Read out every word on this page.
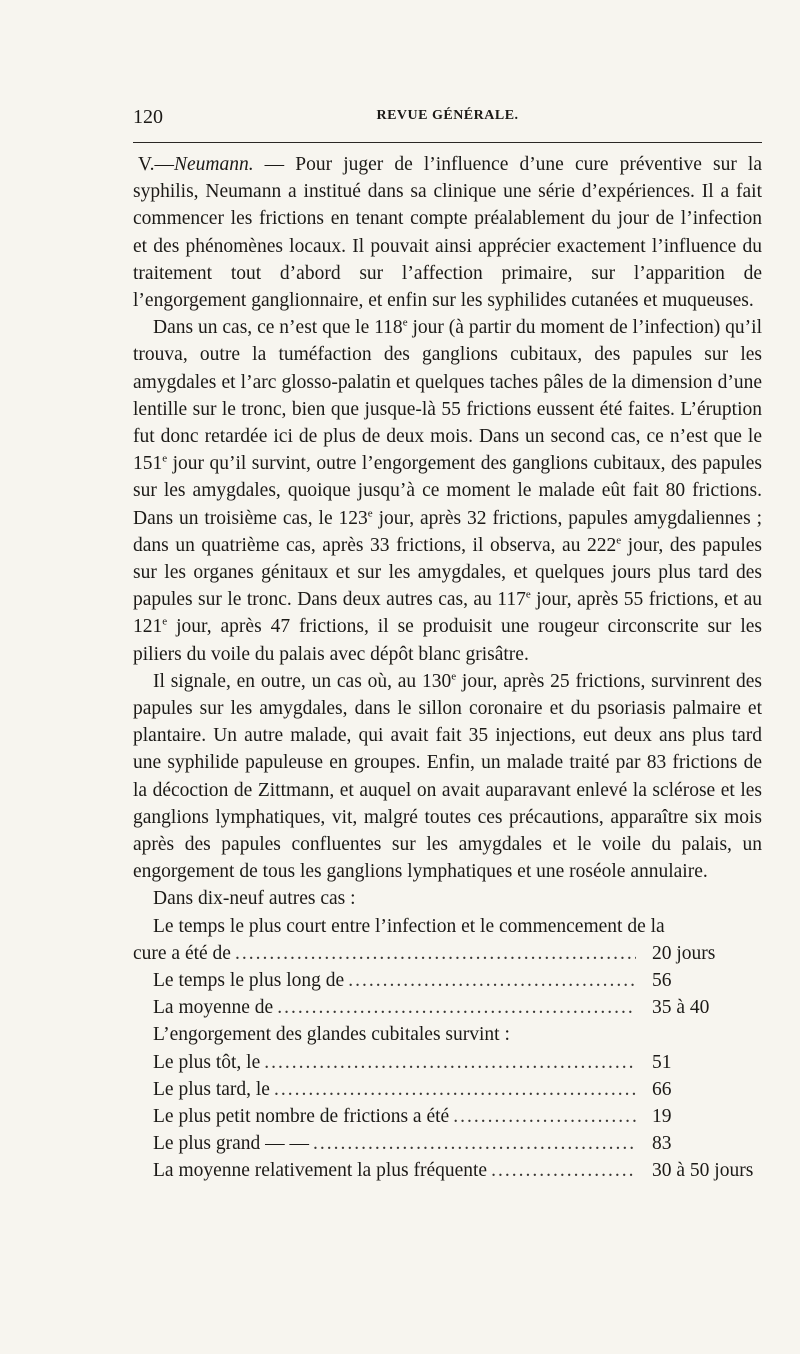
120	REVUE GÉNÉRALE.

V.—Neumann. — Pour juger de l’influence d’une cure préventive sur la syphilis, Neumann a institué dans sa clinique une série d’expériences. Il a fait commencer les frictions en tenant compte préalablement du jour de l’infection et des phénomènes locaux. Il pouvait ainsi apprécier exactement l’influence du traitement tout d’abord sur l’affection primaire, sur l’apparition de l’engorgement ganglionnaire, et enfin sur les syphilides cutanées et muqueuses.

Dans un cas, ce n’est que le 118e jour (à partir du moment de l’infection) qu’il trouva, outre la tuméfaction des ganglions cubitaux, des papules sur les amygdales et l’arc glosso-palatin et quelques taches pâles de la dimension d’une lentille sur le tronc, bien que jusque-là 55 frictions eussent été faites. L’éruption fut donc retardée ici de plus de deux mois. Dans un second cas, ce n’est que le 151e jour qu’il survint, outre l’engorgement des ganglions cubitaux, des papules sur les amygdales, quoique jusqu’à ce moment le malade eût fait 80 frictions. Dans un troisième cas, le 123e jour, après 32 frictions, papules amygdaliennes ; dans un quatrième cas, après 33 frictions, il observa, au 222e jour, des papules sur les organes génitaux et sur les amygdales, et quelques jours plus tard des papules sur le tronc. Dans deux autres cas, au 117e jour, après 55 frictions, et au 121e jour, après 47 frictions, il se produisit une rougeur circonscrite sur les piliers du voile du palais avec dépôt blanc grisâtre.

Il signale, en outre, un cas où, au 130e jour, après 25 frictions, survinrent des papules sur les amygdales, dans le sillon coronaire et du psoriasis palmaire et plantaire. Un autre malade, qui avait fait 35 injections, eut deux ans plus tard une syphilide papuleuse en groupes. Enfin, un malade traité par 83 frictions de la décoction de Zittmann, et auquel on avait auparavant enlevé la sclérose et les ganglions lymphatiques, vit, malgré toutes ces précautions, apparaître six mois après des papules confluentes sur les amygdales et le voile du palais, un engorgement de tous les ganglions lymphatiques et une roséole annulaire.

Dans dix-neuf autres cas :

Le temps le plus court entre l’infection et le commencement de la
cure a été de .....	20 jours
Le temps le plus long de .....	56
La moyenne de .....	35 à 40
L’engorgement des glandes cubitales survint :
Le plus tôt, le .....	51
Le plus tard, le .....	66
Le plus petit nombre de frictions a été .....	19
Le plus grand — — .....	83
La moyenne relativement la plus fréquente .....	30 à 50 jours
